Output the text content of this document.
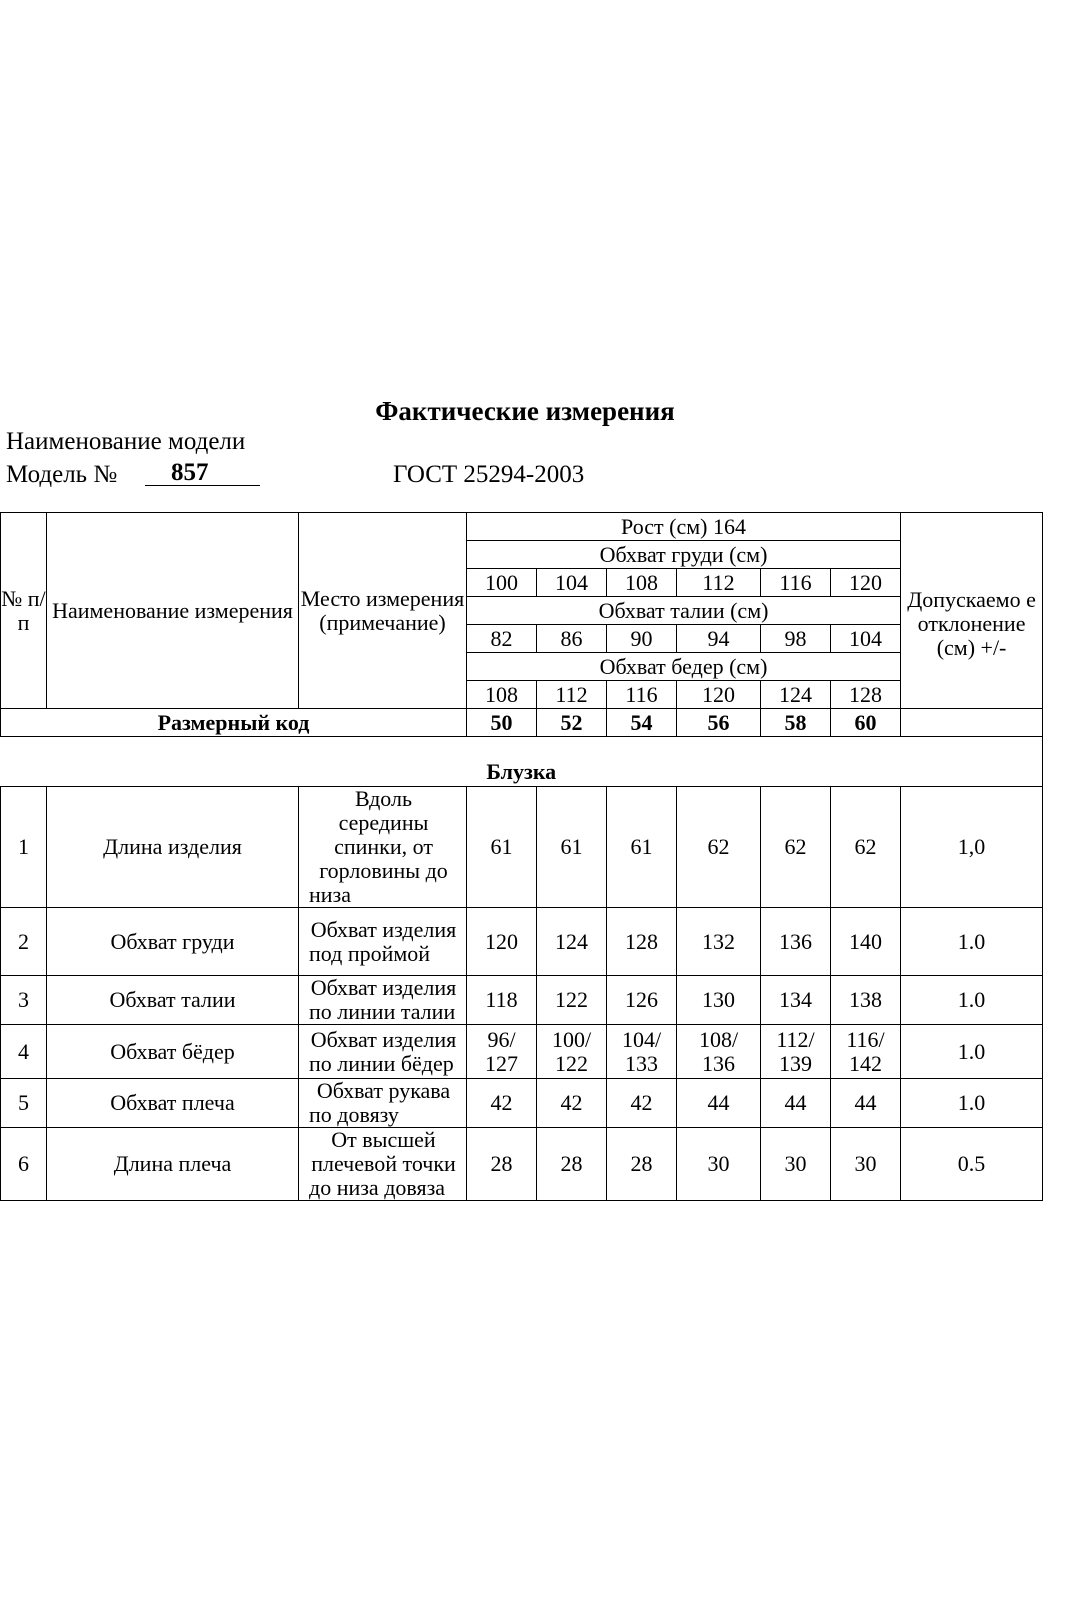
Фактические измерения
Наименование модели
Модель №	857	ГОСТ 25294-2003
№ п/ п	Наименование измерения	Место измерения (примечание)	Рост (см) 164						
			Обхват груди (см)						Допускаемо е отклонение (см) +/-
			100	104	108	112	116	120	
			Обхват талии (см)						
			82	86	90	94	98	104	
			Обхват бедер (см)						
			108	112	116	120	124	128	
Размерный код			50	52	54	56	58	60	
Блузка									
1	Длина изделия	Вдоль середины спинки, от горловины до низа	61	61	61	62	62	62	1,0
2	Обхват груди	Обхват изделия под проймой	120	124	128	132	136	140	1.0
3	Обхват талии	Обхват изделия по линии талии	118	122	126	130	134	138	1.0
4	Обхват бёдер	Обхват изделия по линии бёдер	96/ 127	100/ 122	104/ 133	108/ 136	112/ 139	116/ 142	1.0
5	Обхват плеча	Обхват рукава по довязу	42	42	42	44	44	44	1.0
6	Длина плеча	От высшей плечевой точки до низа довяза	28	28	28	30	30	30	0.5
